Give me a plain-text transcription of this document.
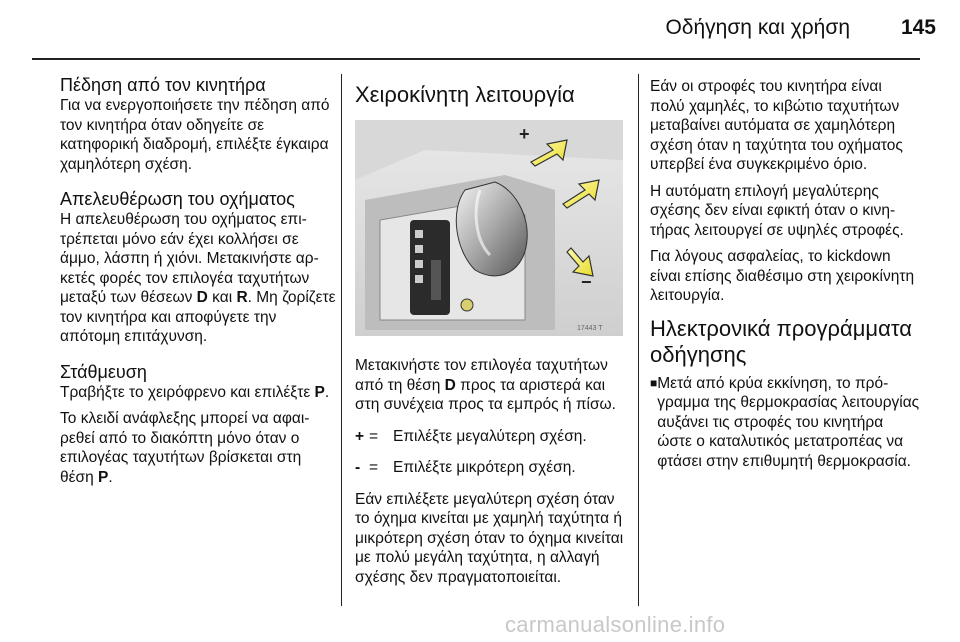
Οδήγηση και χρήση 145
Πέδηση από τον κινητήρα

Για να ενεργοποιήσετε την πέδηση από τον κινητήρα όταν οδηγείτε σε κατηφορική διαδρομή, επιλέξτε έγκαιρα χαμηλότερη σχέση.

Απελευθέρωση του οχήματος

Η απελευθέρωση του οχήματος επιτρέπεται μόνο εάν έχει κολλήσει σε άμμο, λάσπη ή χιόνι. Μετακινήστε αρκετές φορές τον επιλογέα ταχυτήτων μεταξύ των θέσεων D και R. Μη ζορίζετε τον κινητήρα και αποφύγετε την απότομη επιτάχυνση.

Στάθμευση

Τραβήξτε το χειρόφρενο και επιλέξτε P.

Το κλειδί ανάφλεξης μπορεί να αφαιρεθεί από το διακόπτη μόνο όταν ο επιλογέας ταχυτήτων βρίσκεται στη θέση P.

Χειροκίνητη λειτουργία
+
−
17443 T

Μετακινήστε τον επιλογέα ταχυτήτων από τη θέση D προς τα αριστερά και στη συνέχεια προς τα εμπρός ή πίσω.

+ = Επιλέξτε μεγαλύτερη σχέση.
- = Επιλέξτε μικρότερη σχέση.

Εάν επιλέξετε μεγαλύτερη σχέση όταν το όχημα κινείται με χαμηλή ταχύτητα ή μικρότερη σχέση όταν το όχημα κινείται με πολύ μεγάλη ταχύτητα, η αλλαγή σχέσης δεν πραγματοποιείται.

Εάν οι στροφές του κινητήρα είναι πολύ χαμηλές, το κιβώτιο ταχυτήτων μεταβαίνει αυτόματα σε χαμηλότερη σχέση όταν η ταχύτητα του οχήματος υπερβεί ένα συγκεκριμένο όριο.

Η αυτόματη επιλογή μεγαλύτερης σχέσης δεν είναι εφικτή όταν ο κινητήρας λειτουργεί σε υψηλές στροφές.

Για λόγους ασφαλείας, το kickdown είναι επίσης διαθέσιμο στη χειροκίνητη λειτουργία.

Ηλεκτρονικά προγράμματα οδήγησης
■ Μετά από κρύα εκκίνηση, το πρόγραμμα της θερμοκρασίας λειτουργίας αυξάνει τις στροφές του κινητήρα ώστε ο καταλυτικός μετατροπέας να φτάσει στην επιθυμητή θερμοκρασία.
carmanualsonline.info
